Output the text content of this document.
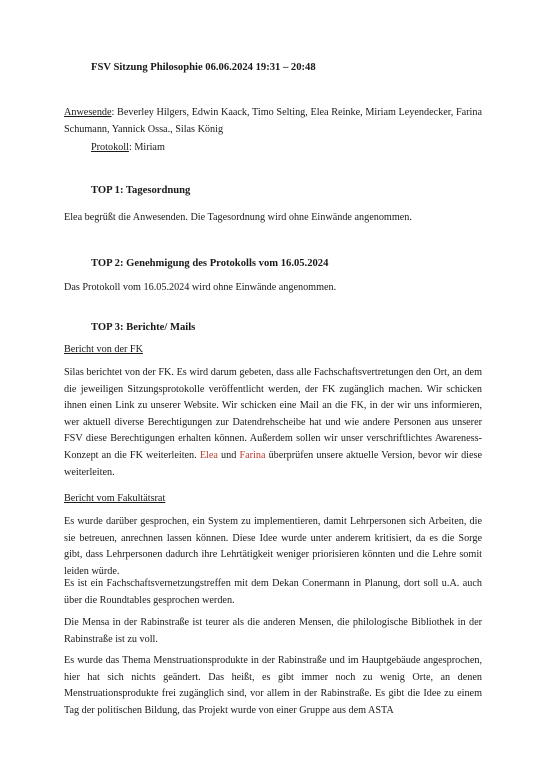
FSV Sitzung Philosophie 06.06.2024 19:31 – 20:48
Anwesende: Beverley Hilgers, Edwin Kaack, Timo Selting, Elea Reinke, Miriam Leyendecker, Farina Schumann, Yannick Ossa., Silas König
Protokoll: Miriam
TOP 1: Tagesordnung

Elea begrüßt die Anwesenden. Die Tagesordnung wird ohne Einwände angenommen.

TOP 2: Genehmigung des Protokolls vom 16.05.2024

Das Protokoll vom 16.05.2024 wird ohne Einwände angenommen.

TOP 3: Berichte/ Mails
Bericht von der FK

Silas berichtet von der FK. Es wird darum gebeten, dass alle Fachschaftsvertretungen den Ort, an dem die jeweiligen Sitzungsprotokolle veröffentlicht werden, der FK zugänglich machen. Wir schicken ihnen einen Link zu unserer Website. Wir schicken eine Mail an die FK, in der wir uns informieren, wer aktuell diverse Berechtigungen zur Datendrehscheibe hat und wie andere Personen aus unserer FSV diese Berechtigungen erhalten können. Außerdem sollen wir unser verschriftlichtes Awareness-Konzept an die FK weiterleiten. Elea und Farina überprüfen unsere aktuelle Version, bevor wir diese weiterleiten.

Bericht vom Fakultätsrat

Es wurde darüber gesprochen, ein System zu implementieren, damit Lehrpersonen sich Arbeiten, die sie betreuen, anrechnen lassen können. Diese Idee wurde unter anderem kritisiert, da es die Sorge gibt, dass Lehrpersonen dadurch ihre Lehrtätigkeit weniger priorisieren könnten und die Lehre somit leiden würde.

Es ist ein Fachschaftsvernetzungstreffen mit dem Dekan Conermann in Planung, dort soll u.A. auch über die Roundtables gesprochen werden.

Die Mensa in der Rabinstraße ist teurer als die anderen Mensen, die philologische Bibliothek in der Rabinstraße ist zu voll.

Es wurde das Thema Menstruationsprodukte in der Rabinstraße und im Hauptgebäude angesprochen, hier hat sich nichts geändert. Das heißt, es gibt immer noch zu wenig Orte, an denen Menstruationsprodukte frei zugänglich sind, vor allem in der Rabinstraße. Es gibt die Idee zu einem Tag der politischen Bildung, das Projekt wurde von einer Gruppe aus dem ASTA
